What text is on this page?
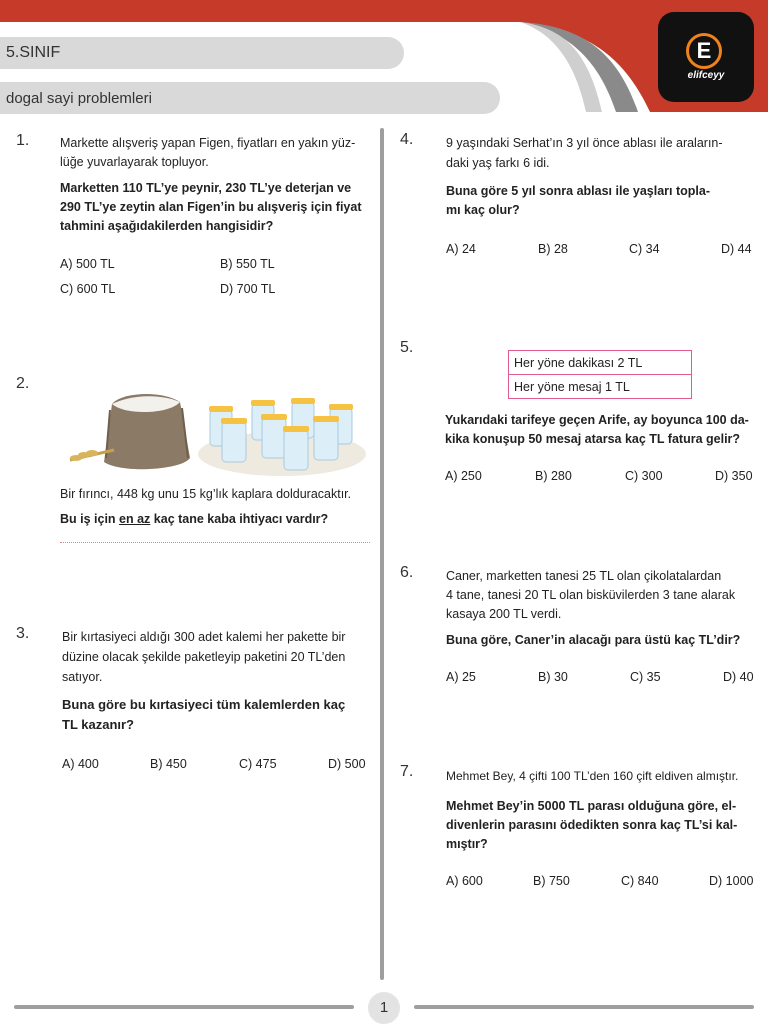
5.SINIF
dogal sayi problemleri
E
elifceyy
1. Markette alışveriş yapan Figen, fiyatları en yakın yüz-
lüğe yuvarlayarak topluyor.
Marketten 110 TL’ye peynir, 230 TL’ye deterjan ve
290 TL’ye zeytin alan Figen’in bu alışveriş için fiyat
tahmini aşağıdakilerden hangisidir?
A) 500 TL	B) 550 TL
C) 600 TL	D) 700 TL
2.
Bir fırıncı, 448 kg unu 15 kg’lık kaplara dolduracaktır.
Bu iş için en az kaç tane kaba ihtiyacı vardır?
3.	Bir kırtasiyeci aldığı 300 adet kalemi her pakette bir
düzine olacak şekilde paketleyip paketini 20 TL’den
satıyor.
Buna göre bu kırtasiyeci tüm kalemlerden kaç
TL kazanır?
A) 400	B) 450	C) 475	D) 500
4.	9 yaşındaki Serhat’ın 3 yıl önce ablası ile araların-
daki yaş farkı 6 idi.
Buna göre 5 yıl sonra ablası ile yaşları topla-
mı kaç olur?
A) 24	B) 28	C) 34	D) 44
5.
Her yöne dakikası 2 TL
Her yöne mesaj 1 TL
Yukarıdaki tarifeye geçen Arife, ay boyunca 100 da-
kika konuşup 50 mesaj atarsa kaç TL fatura gelir?
A) 250	B) 280	C) 300	D) 350
6.	Caner, marketten tanesi 25 TL olan çikolatalardan
4 tane, tanesi 20 TL olan bisküvilerden 3 tane alarak
kasaya 200 TL verdi.
Buna göre, Caner’in alacağı para üstü kaç TL’dir?
A) 25	B) 30	C) 35	D) 40
7.	Mehmet Bey, 4 çifti 100 TL’den 160 çift eldiven almıştır.
Mehmet Bey’in 5000 TL parası olduğuna göre, el-
divenlerin parasını ödedikten sonra kaç TL’si kal-
mıştır?
A) 600	B) 750	C) 840	D) 1000
1
